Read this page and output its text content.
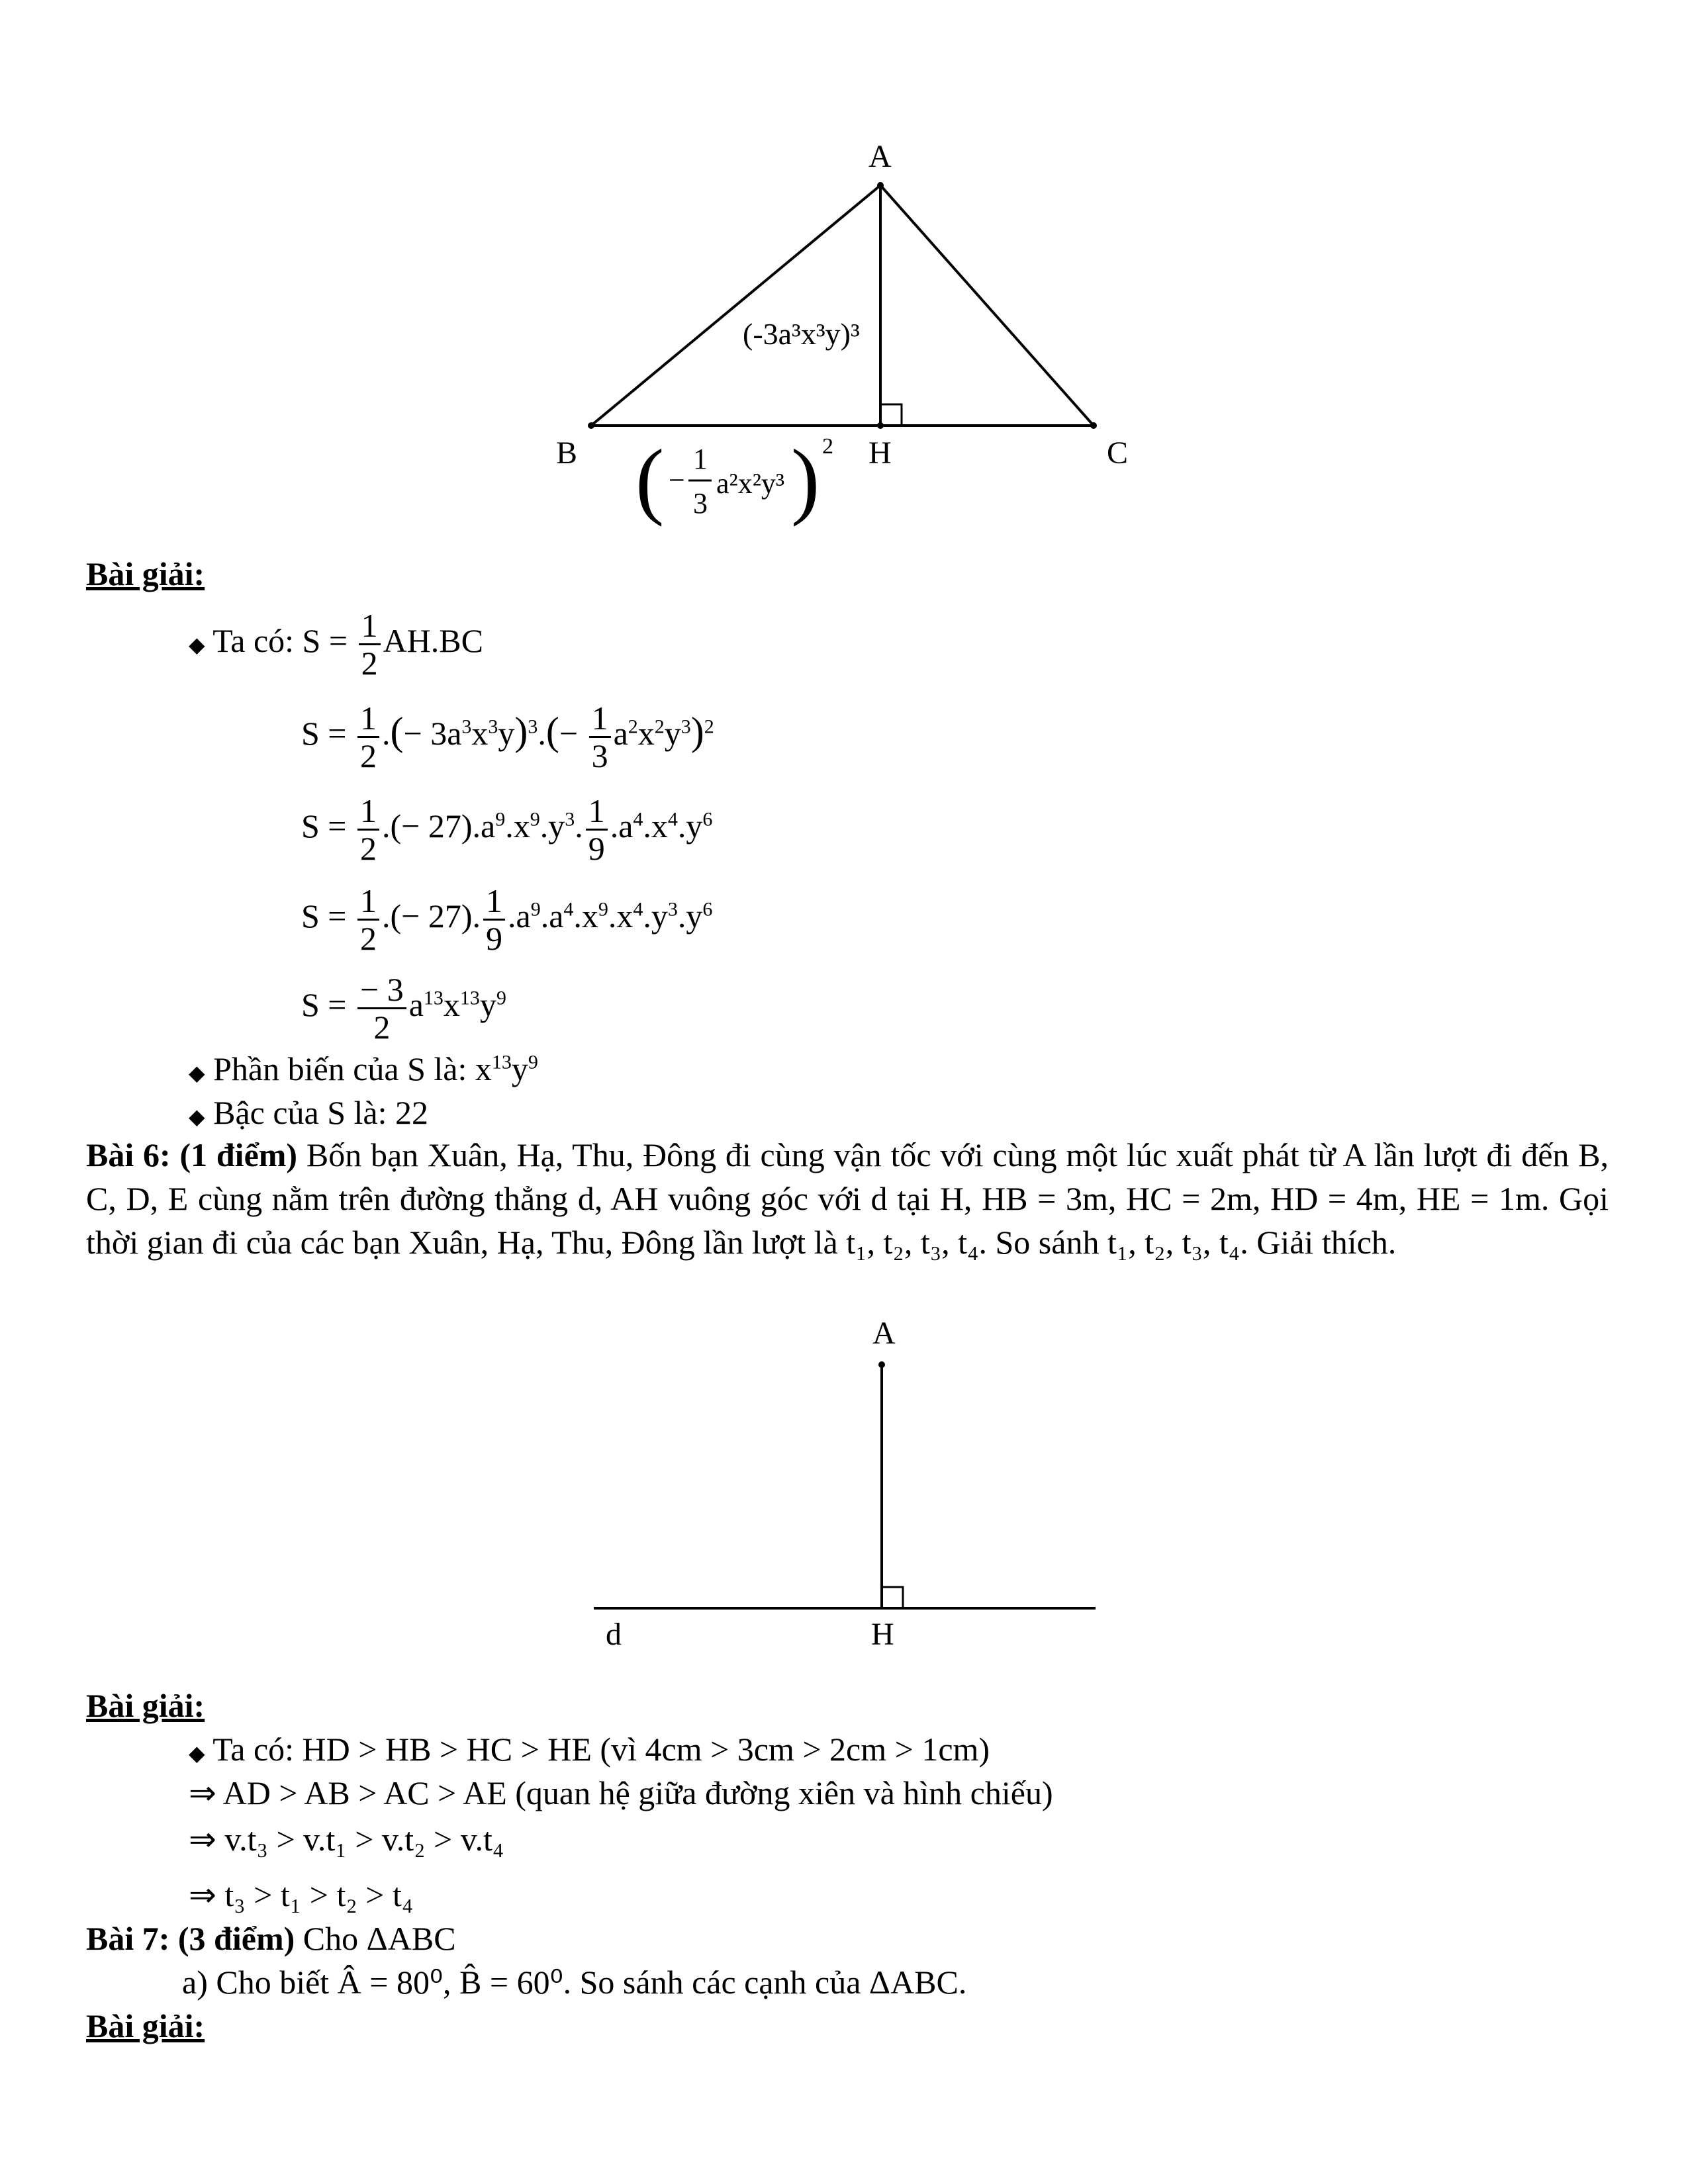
A
B	H	C
(-3a³x³y)³
( −
1
3
a²x²y³ ) 2
Bài giải:
◆ Ta có: $S = \frac{1}{2} AH.BC$
$S = \frac{1}{2}$ .(− $3a^3x^3y)^3.(- \frac{1}{3} a^2x^2y^3)^2$
$S = \frac{1}{2}$ .(− $27).a^9.x^9.y^3$. $\frac{1}{9} .a^4.x^4.y^6$
$S = \frac{1}{2}$ .(− 27). $\frac{1}{9} .a^9.a^4.x^9.x^4.y^3.y^6$
$S = \frac{- 3}{2} a^{13}x^{13}y^9$
◆ Phần biến của S là: $x^{13}y^9$
◆ Bậc của S là: 22
Bài 6: (1 điểm) Bốn bạn Xuân, Hạ, Thu, Đông đi cùng vận tốc với cùng một lúc xuất phát từ A lần lượt đi đến B, C, D, E cùng nằm trên đường thẳng d, AH vuông góc với d tại H, HB = 3m, HC = 2m, HD = 4m, HE = 1m. Gọi thời gian đi của các bạn Xuân, Hạ, Thu, Đông lần lượt là t₁, t₂, t₃, t₄. So sánh t₁, t₂, t₃, t₄. Giải thích.
A
d	H
Bài giải:
◆ Ta có: HD > HB > HC > HE (vì 4cm > 3cm > 2cm > 1cm)
⇒ AD > AB > AC > AE (quan hệ giữa đường xiên và hình chiếu)
⇒ v.t₃ > v.t₁ > v.t₂ > v.t₄
⇒ t₃ > t₁ > t₂ > t₄
Bài 7: (3 điểm) Cho ΔABC
a) Cho biết Â = 80⁰, B̂ = 60⁰. So sánh các cạnh của ΔABC.
Bài giải:
